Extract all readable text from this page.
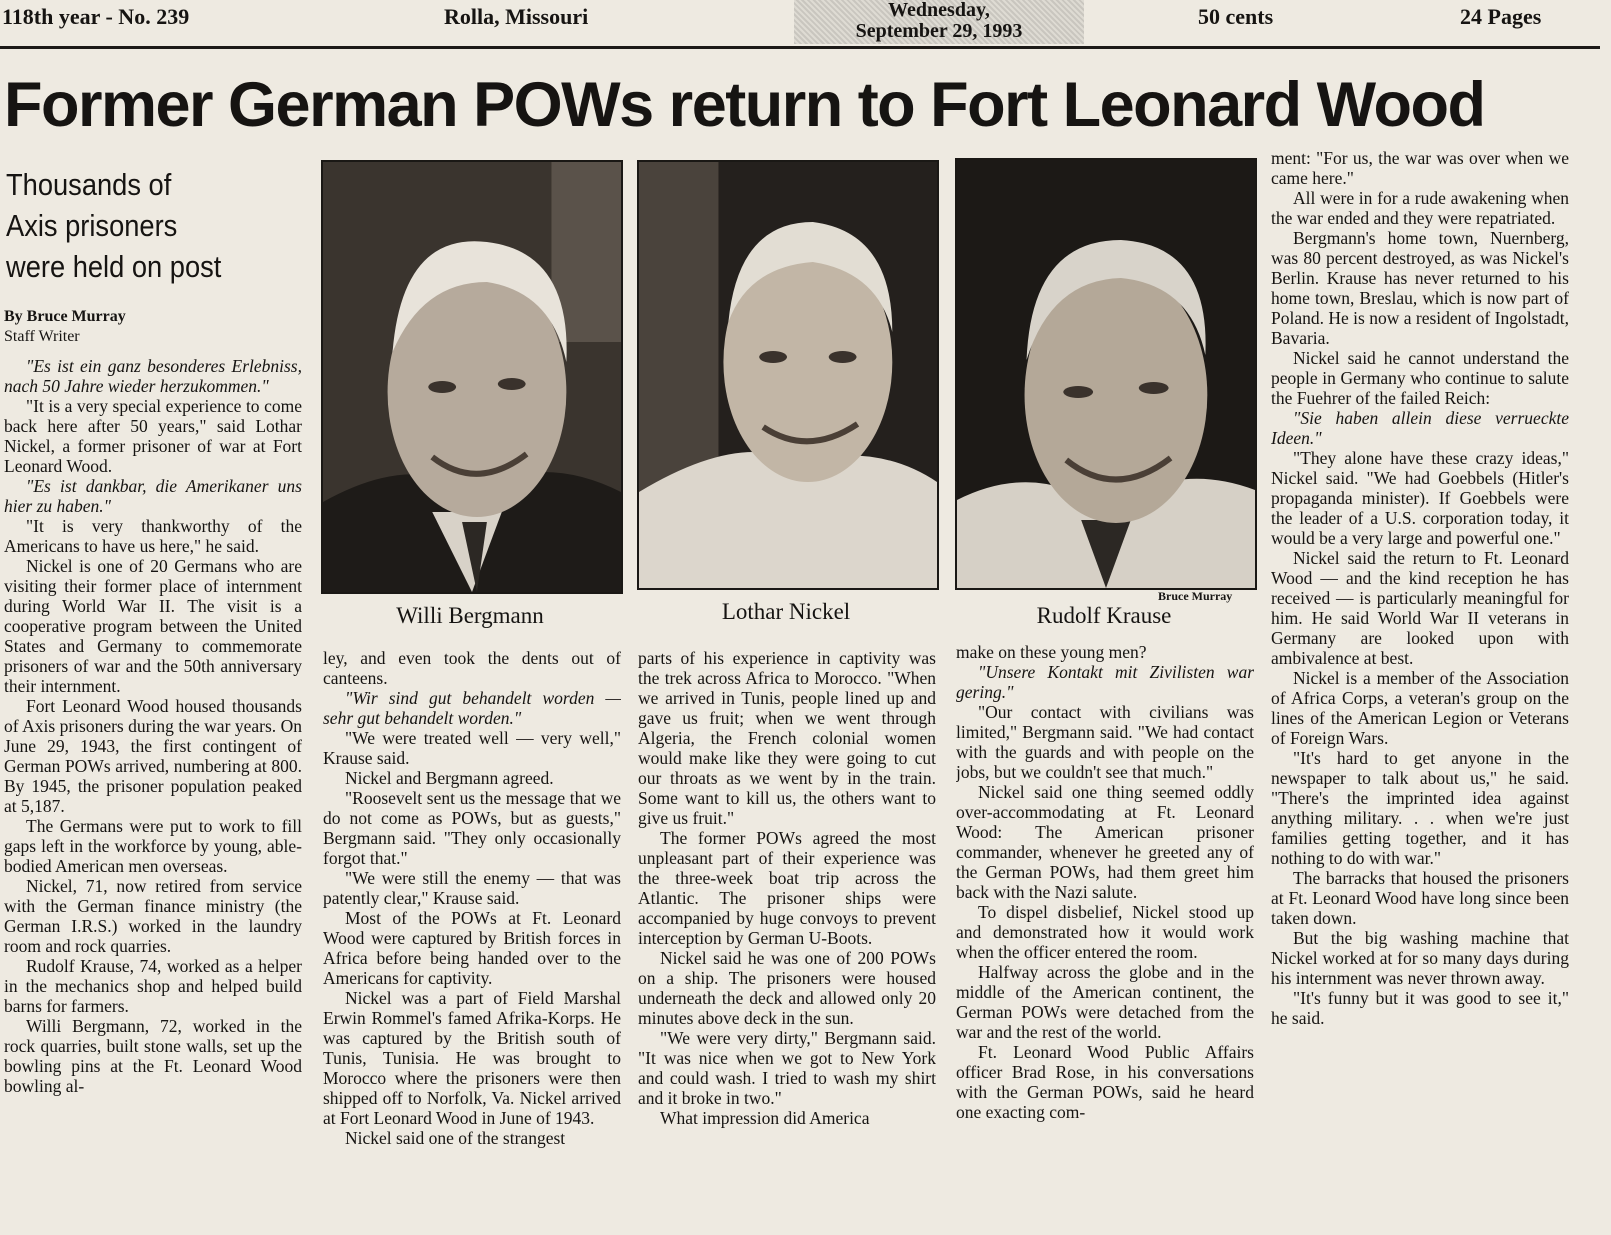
118th year - No. 239	Rolla, Missouri	Wednesday,
September 29, 1993
50 cents	24 Pages
Former German POWs return to Fort Leonard Wood
Thousands of
Axis prisoners
were held on post
By Bruce Murray
Staff Writer
Willi Bergmann	Lothar Nickel	Rudolf Krause
Bruce Murray

"Es ist ein ganz besonderes Erlebniss, nach 50 Jahre wieder herzukommen."

"It is a very special experience to come back here after 50 years," said Lothar Nickel, a former prisoner of war at Fort Leonard Wood.

"Es ist dankbar, die Amerikaner uns hier zu haben."

"It is very thankworthy of the Americans to have us here," he said.

Nickel is one of 20 Germans who are visiting their former place of internment during World War II. The visit is a cooperative program between the United States and Germany to commemorate prisoners of war and the 50th anniversary their internment.

Fort Leonard Wood housed thousands of Axis prisoners during the war years. On June 29, 1943, the first contingent of German POWs arrived, numbering at 800. By 1945, the prisoner population peaked at 5,187.

The Germans were put to work to fill gaps left in the workforce by young, able-bodied American men overseas.

Nickel, 71, now retired from service with the German finance ministry (the German I.R.S.) worked in the laundry room and rock quarries.

Rudolf Krause, 74, worked as a helper in the mechanics shop and helped build barns for farmers.

Willi Bergmann, 72, worked in the rock quarries, built stone walls, set up the bowling pins at the Ft. Leonard Wood bowling al-

ley, and even took the dents out of canteens.

"Wir sind gut behandelt worden — sehr gut behandelt worden."

"We were treated well — very well," Krause said.

Nickel and Bergmann agreed.

"Roosevelt sent us the message that we do not come as POWs, but as guests," Bergmann said. "They only occasionally forgot that."

"We were still the enemy — that was patently clear," Krause said.

Most of the POWs at Ft. Leonard Wood were captured by British forces in Africa before being handed over to the Americans for captivity.

Nickel was a part of Field Marshal Erwin Rommel's famed Afrika-Korps. He was captured by the British south of Tunis, Tunisia. He was brought to Morocco where the prisoners were then shipped off to Norfolk, Va. Nickel arrived at Fort Leonard Wood in June of 1943.

Nickel said one of the strangest

parts of his experience in captivity was the trek across Africa to Morocco. "When we arrived in Tunis, people lined up and gave us fruit; when we went through Algeria, the French colonial women would make like they were going to cut our throats as we went by in the train. Some want to kill us, the others want to give us fruit."

The former POWs agreed the most unpleasant part of their experience was the three-week boat trip across the Atlantic. The prisoner ships were accompanied by huge convoys to prevent interception by German U-Boots.

Nickel said he was one of 200 POWs on a ship. The prisoners were housed underneath the deck and allowed only 20 minutes above deck in the sun.

"We were very dirty," Bergmann said. "It was nice when we got to New York and could wash. I tried to wash my shirt and it broke in two."

What impression did America

make on these young men?

"Unsere Kontakt mit Zivilisten war gering."

"Our contact with civilians was limited," Bergmann said. "We had contact with the guards and with people on the jobs, but we couldn't see that much."

Nickel said one thing seemed oddly over-accommodating at Ft. Leonard Wood: The American prisoner commander, whenever he greeted any of the German POWs, had them greet him back with the Nazi salute.

To dispel disbelief, Nickel stood up and demonstrated how it would work when the officer entered the room.

Halfway across the globe and in the middle of the American continent, the German POWs were detached from the war and the rest of the world.

Ft. Leonard Wood Public Affairs officer Brad Rose, in his conversations with the German POWs, said he heard one exacting com-

ment: "For us, the war was over when we came here."

All were in for a rude awakening when the war ended and they were repatriated.

Bergmann's home town, Nuernberg, was 80 percent destroyed, as was Nickel's Berlin. Krause has never returned to his home town, Breslau, which is now part of Poland. He is now a resident of Ingolstadt, Bavaria.

Nickel said he cannot understand the people in Germany who continue to salute the Fuehrer of the failed Reich:

"Sie haben allein diese verrueckte Ideen."

"They alone have these crazy ideas," Nickel said. "We had Goebbels (Hitler's propaganda minister). If Goebbels were the leader of a U.S. corporation today, it would be a very large and powerful one."

Nickel said the return to Ft. Leonard Wood — and the kind reception he has received — is particularly meaningful for him. He said World War II veterans in Germany are looked upon with ambivalence at best.

Nickel is a member of the Association of Africa Corps, a veteran's group on the lines of the American Legion or Veterans of Foreign Wars.

"It's hard to get anyone in the newspaper to talk about us," he said. "There's the imprinted idea against anything military. . . when we're just families getting together, and it has nothing to do with war."

The barracks that housed the prisoners at Ft. Leonard Wood have long since been taken down.

But the big washing machine that Nickel worked at for so many days during his internment was never thrown away.

"It's funny but it was good to see it," he said.
